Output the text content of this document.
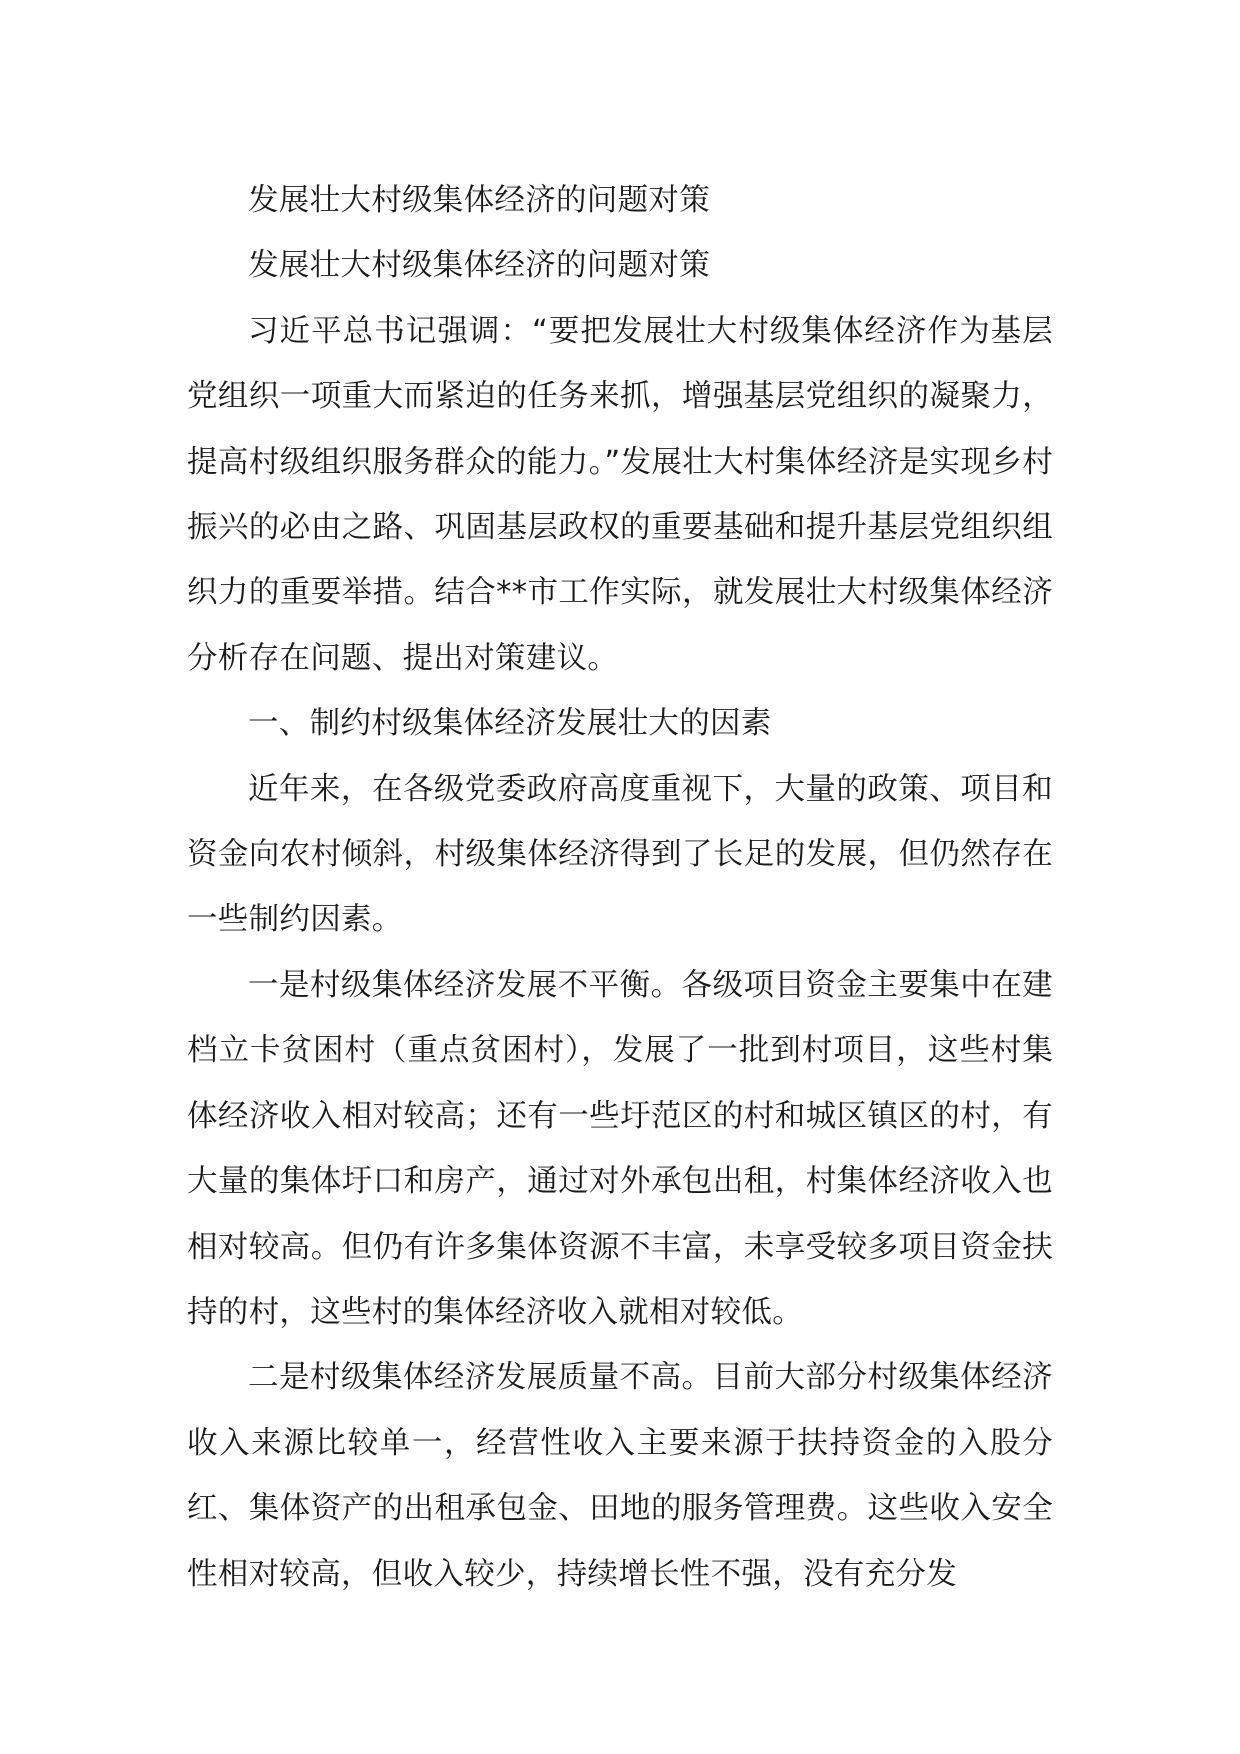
发展壮大村级集体经济的问题对策

发展壮大村级集体经济的问题对策

习近平总书记强调：“要把发展壮大村级集体经济作为基层党组织一项重大而紧迫的任务来抓，增强基层党组织的凝聚力，提高村级组织服务群众的能力。”发展壮大村集体经济是实现乡村振兴的必由之路、巩固基层政权的重要基础和提升基层党组织组织力的重要举措。结合**市工作实际，就发展壮大村级集体经济分析存在问题、提出对策建议。

一、制约村级集体经济发展壮大的因素

近年来，在各级党委政府高度重视下，大量的政策、项目和资金向农村倾斜，村级集体经济得到了长足的发展，但仍然存在一些制约因素。

一是村级集体经济发展不平衡。各级项目资金主要集中在建档立卡贫困村（重点贫困村），发展了一批到村项目，这些村集体经济收入相对较高；还有一些圩范区的村和城区镇区的村，有大量的集体圩口和房产，通过对外承包出租，村集体经济收入也相对较高。但仍有许多集体资源不丰富，未享受较多项目资金扶持的村，这些村的集体经济收入就相对较低。

二是村级集体经济发展质量不高。目前大部分村级集体经济收入来源比较单一，经营性收入主要来源于扶持资金的入股分红、集体资产的出租承包金、田地的服务管理费。这些收入安全性相对较高，但收入较少，持续增长性不强，没有充分发
